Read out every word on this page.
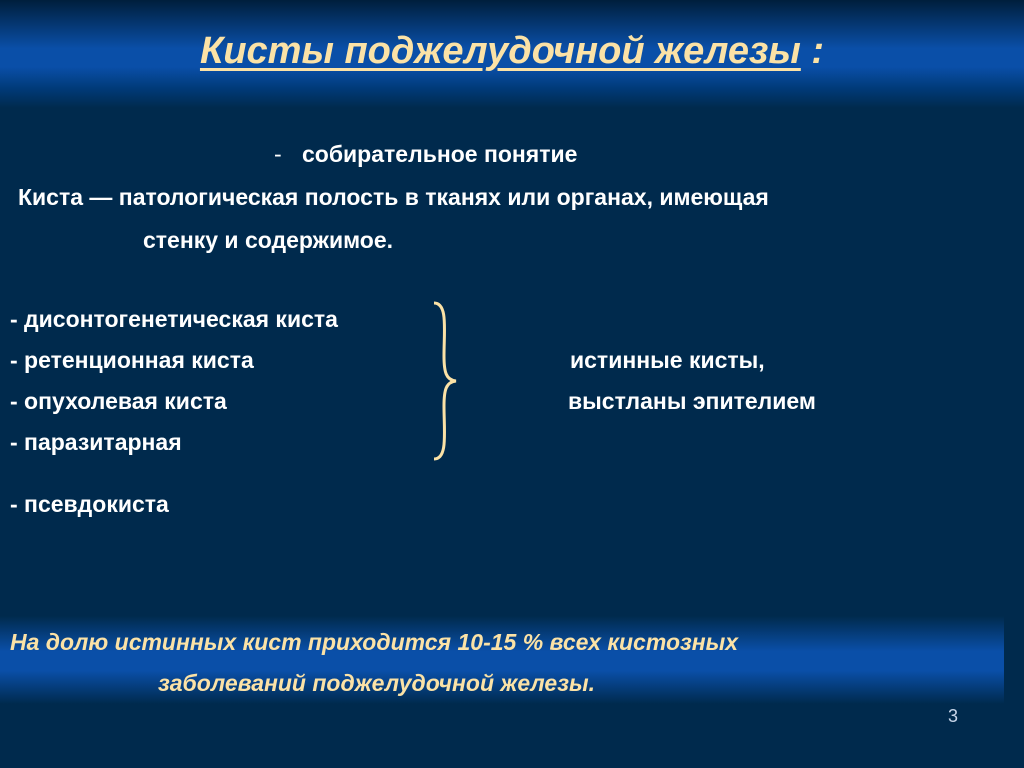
Кисты поджелудочной железы :
- собирательное понятие
Киста — патологическая полость в тканях или органах, имеющая
стенку и содержимое.
- дисонтогенетическая киста
- ретенционная киста
- опухолевая киста
- паразитарная
истинные кисты,
выстланы эпителием
- псевдокиста
На долю истинных кист приходится 10-15 % всех кистозных
заболеваний поджелудочной железы.
3
